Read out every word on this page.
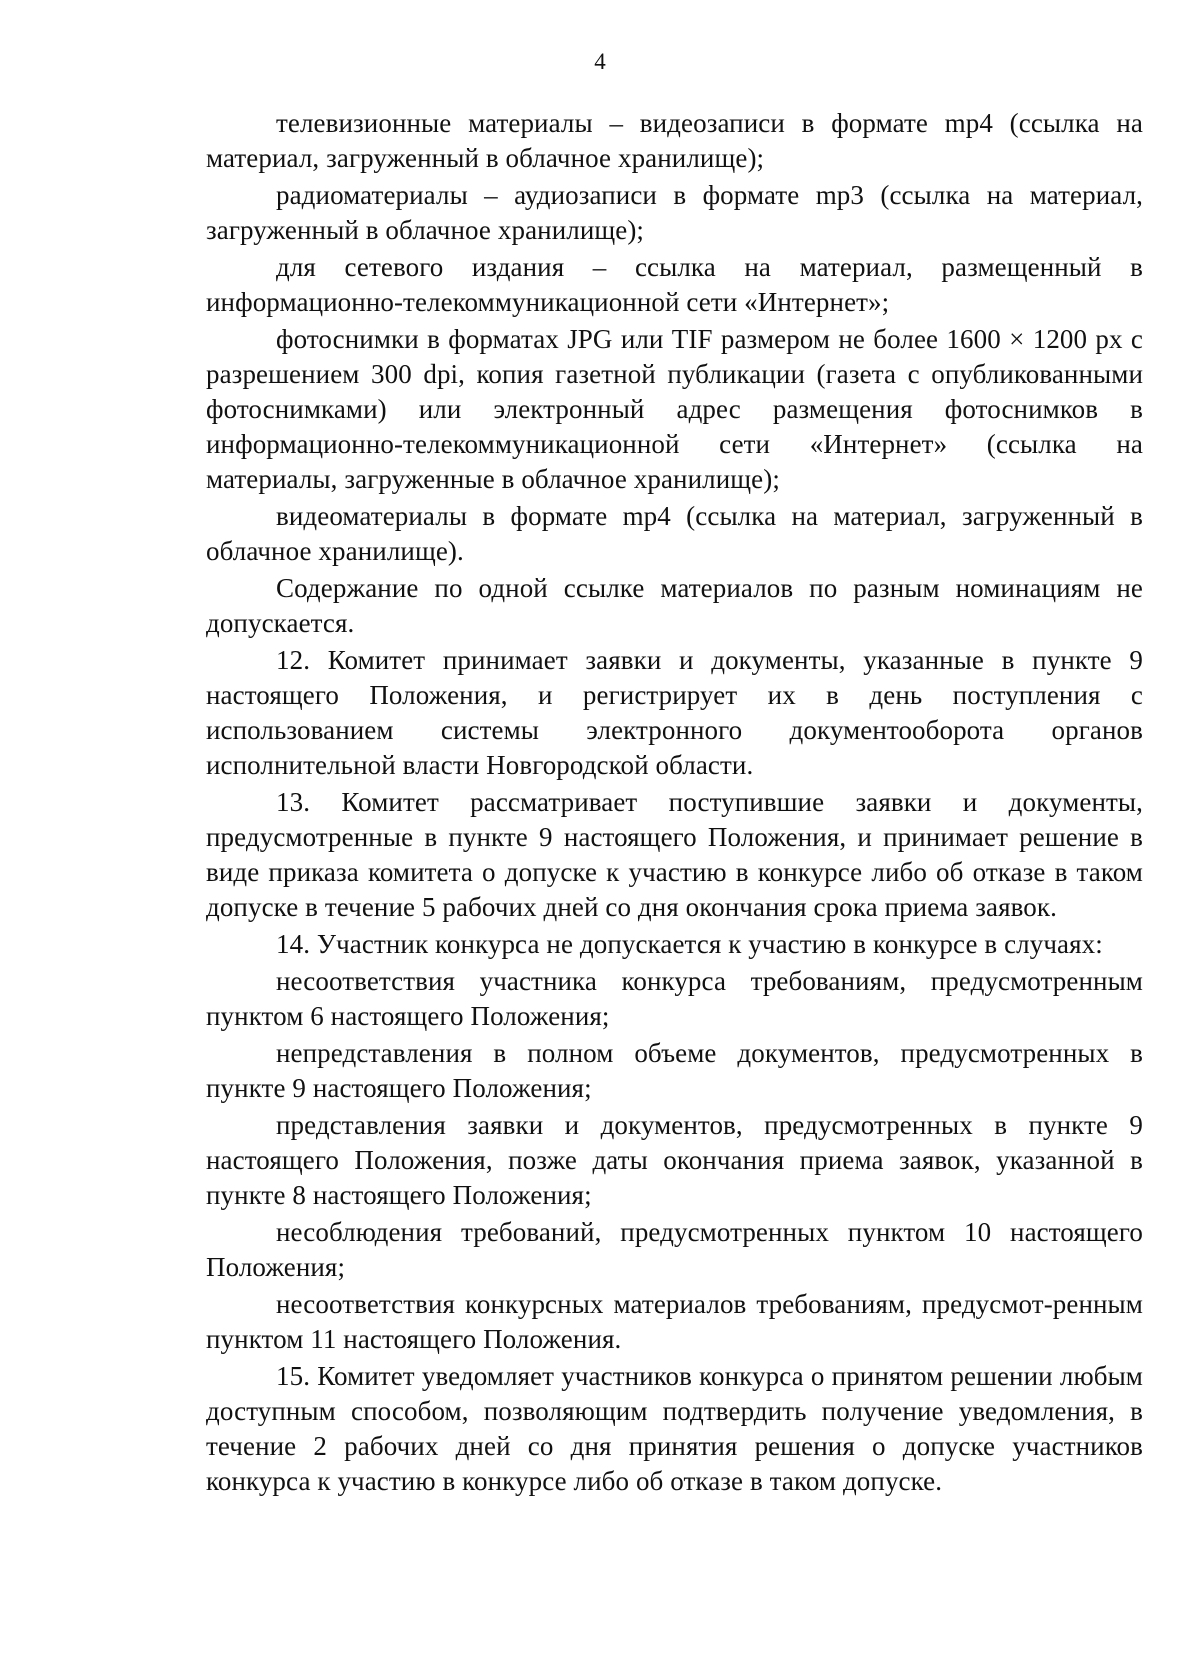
4

телевизионные материалы – видеозаписи в формате mp4 (ссылка на материал, загруженный в облачное хранилище);

радиоматериалы – аудиозаписи в формате mp3 (ссылка на материал, загруженный в облачное хранилище);

для сетевого издания – ссылка на материал, размещенный в информационно-телекоммуникационной сети «Интернет»;

фотоснимки в форматах JPG или TIF размером не более 1600 × 1200 px с разрешением 300 dpi, копия газетной публикации (газета с опубликованными фотоснимками) или электронный адрес размещения фотоснимков в информационно-телекоммуникационной сети «Интернет» (ссылка на материалы, загруженные в облачное хранилище);

видеоматериалы в формате mp4 (ссылка на материал, загруженный в облачное хранилище).

Содержание по одной ссылке материалов по разным номинациям не допускается.

12. Комитет принимает заявки и документы, указанные в пункте 9 настоящего Положения, и регистрирует их в день поступления с использованием системы электронного документооборота органов исполнительной власти Новгородской области.

13. Комитет рассматривает поступившие заявки и документы, предусмотренные в пункте 9 настоящего Положения, и принимает решение в виде приказа комитета о допуске к участию в конкурсе либо об отказе в таком допуске в течение 5 рабочих дней со дня окончания срока приема заявок.

14. Участник конкурса не допускается к участию в конкурсе в случаях:

несоответствия участника конкурса требованиям, предусмотренным пунктом 6 настоящего Положения;

непредставления в полном объеме документов, предусмотренных в пункте 9 настоящего Положения;

представления заявки и документов, предусмотренных в пункте 9 настоящего Положения, позже даты окончания приема заявок, указанной в пункте 8 настоящего Положения;

несоблюдения требований, предусмотренных пунктом 10 настоящего Положения;

несоответствия конкурсных материалов требованиям, предусмот-ренным пунктом 11 настоящего Положения.

15. Комитет уведомляет участников конкурса о принятом решении любым доступным способом, позволяющим подтвердить получение уведомления, в течение 2 рабочих дней со дня принятия решения о допуске участников конкурса к участию в конкурсе либо об отказе в таком допуске.
